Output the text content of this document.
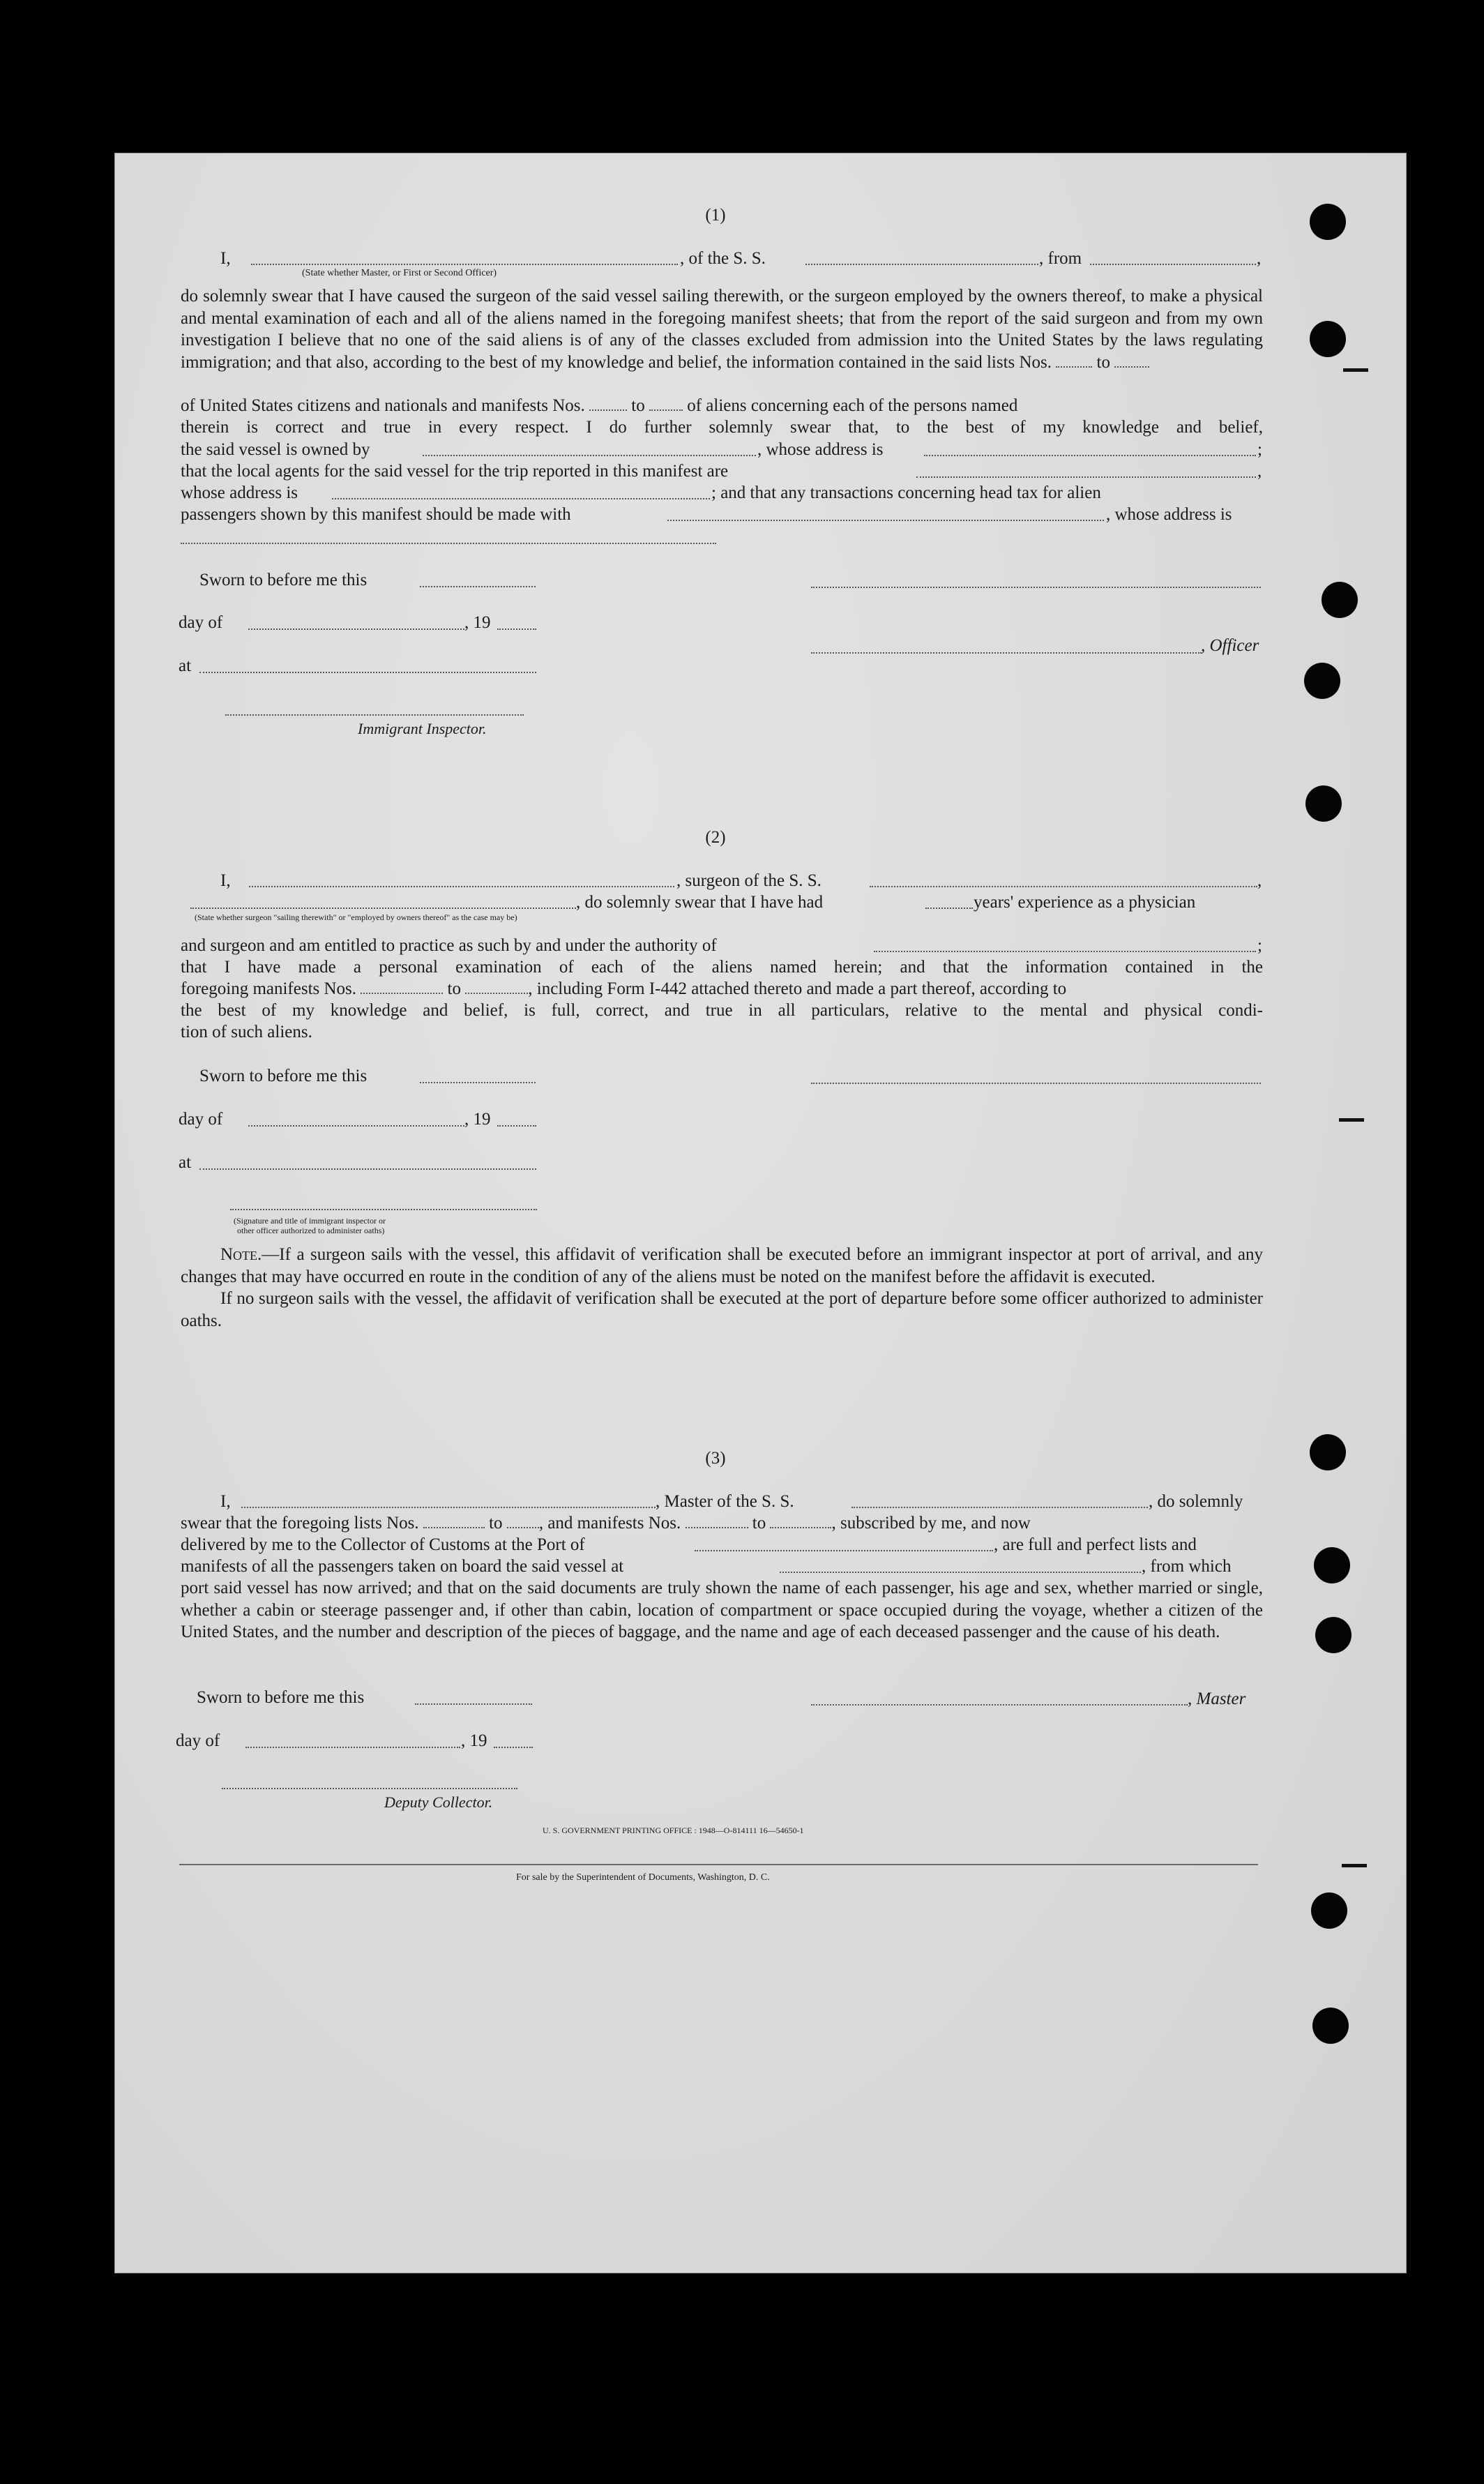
(1)
I,	, of the S. S.	, from	,
(State whether Master, or First or Second Officer)

do solemnly swear that I have caused the surgeon of the said vessel sailing therewith, or the surgeon employed by the owners thereof, to make a physical and mental examination of each and all of the aliens named in the foregoing manifest sheets; that from the report of the said surgeon and from my own investigation I believe that no one of the said aliens is of any of the classes excluded from admission into the United States by the laws regulating immigration; and that also, according to the best of my knowledge and belief, the information contained in the said lists Nos.	to

of United States citizens and nationals and manifests Nos.	to of aliens concerning each of the persons named
therein is correct and true in every respect. I do further solemnly swear that, to the best of my knowledge and belief,
the said vessel is owned by	, whose address is	;
that the local agents for the said vessel for the trip reported in this manifest are	,
whose address is	; and that any transactions concerning head tax for alien
passengers shown by this manifest should be made with	, whose address is
Sworn to before me this
day of	, 19
, Officer
at
Immigrant Inspector.
(2)
I,	, surgeon of the S. S.	,
, do solemnly swear that I have had	years' experience as a physician
(State whether surgeon "sailing therewith" or "employed by owners thereof" as the case may be)
and surgeon and am entitled to practice as such by and under the authority of	;
that I have made a personal examination of each of the aliens named herein; and that the information contained in the
foregoing manifests Nos.	to	, including Form I-442 attached thereto and made a part thereof, according to
the best of my knowledge and belief, is full, correct, and true in all particulars, relative to the mental and physical condi-
tion of such aliens.
Sworn to before me this
day of	, 19
at
(Signature and title of immigrant inspector or
other officer authorized to administer oaths)

Note.—If a surgeon sails with the vessel, this affidavit of verification shall be executed before an immigrant inspector at port of arrival, and any changes that may have occurred en route in the condition of any of the aliens must be noted on the manifest before the affidavit is executed.

If no surgeon sails with the vessel, the affidavit of verification shall be executed at the port of departure before some officer authorized to administer oaths.

(3)
I,	, Master of the S. S.	, do solemnly
swear that the foregoing lists Nos.	to , and manifests Nos.	to	, subscribed by me, and now
delivered by me to the Collector of Customs at the Port of	, are full and perfect lists and
manifests of all the passengers taken on board the said vessel at	, from which
port said vessel has now arrived; and that on the said documents are truly shown the name of each passenger, his age and sex, whether married or single, whether a cabin or steerage passenger and, if other than cabin, location of compartment or space occupied during the voyage, whether a citizen of the United States, and the number and description of the pieces of baggage, and the name and age of each deceased passenger and the cause of his death.
Sworn to before me this	, Master
day of	, 19
Deputy Collector.
U. S. GOVERNMENT PRINTING OFFICE : 1948—O-814111 16—54650-1
For sale by the Superintendent of Documents, Washington, D. C.
